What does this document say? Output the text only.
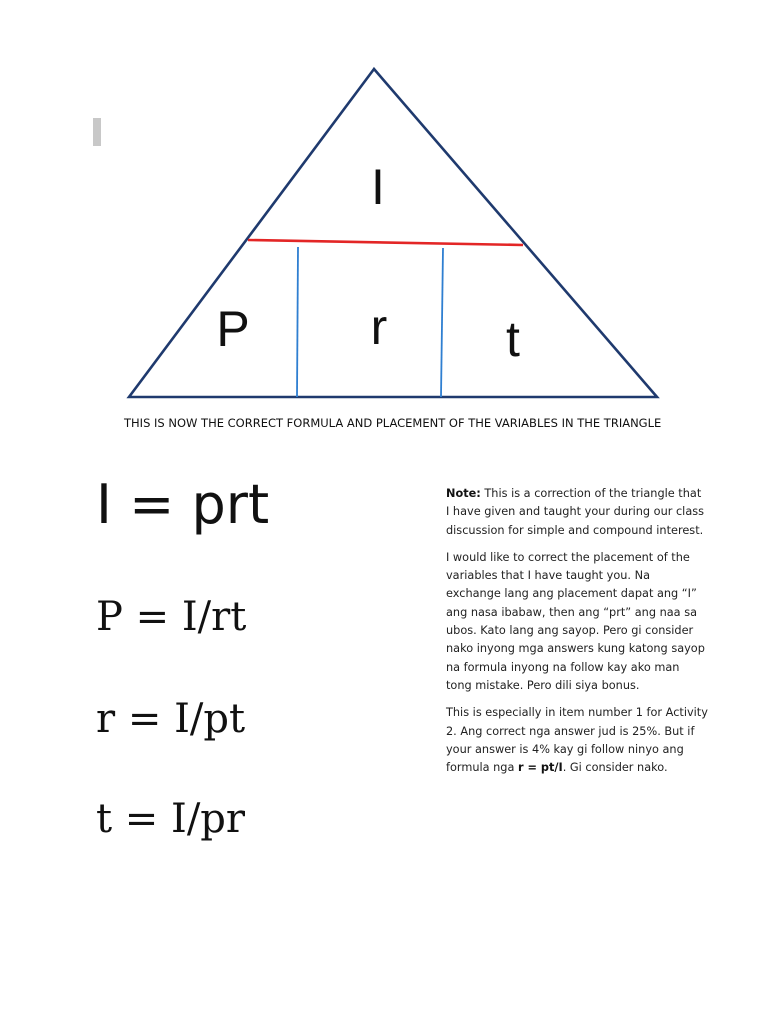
I
P r t
THIS IS NOW THE CORRECT FORMULA AND PLACEMENT OF THE VARIABLES IN THE TRIANGLE
I = prt
P = I/rt
r = I/pt
t = I/pr

Note: This is a correction of the triangle that I have given and taught your during our class discussion for simple and compound interest.

I would like to correct the placement of the variables that I have taught you. Na exchange lang ang placement dapat ang “I” ang nasa ibabaw, then ang “prt” ang naa sa ubos. Kato lang ang sayop. Pero gi consider nako inyong mga answers kung katong sayop na formula inyong na follow kay ako man tong mistake. Pero dili siya bonus.

This is especially in item number 1 for Activity 2. Ang correct nga answer jud is 25%. But if your answer is 4% kay gi follow ninyo ang formula nga r = pt/I. Gi consider nako.
